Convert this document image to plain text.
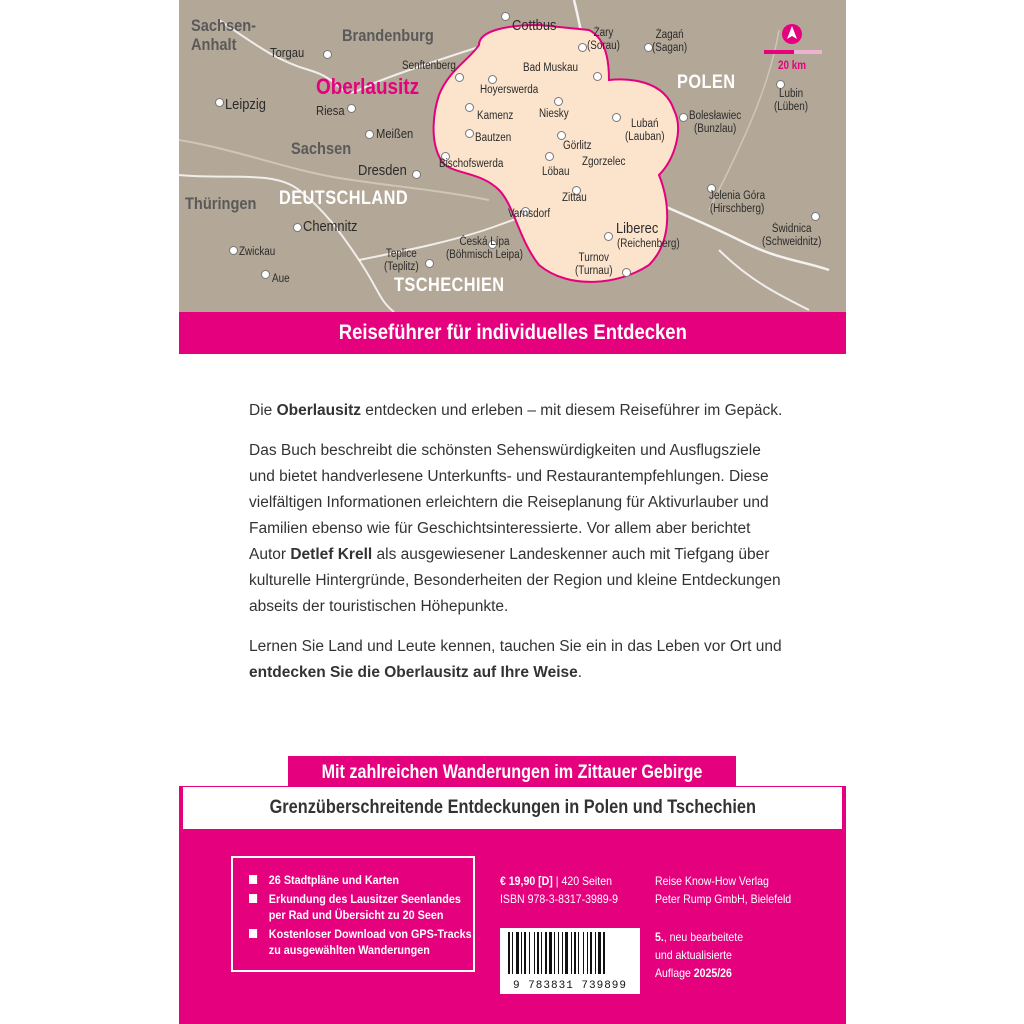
Sachsen-
Anhalt	Brandenburg
Sachsen
Thüringen DEUTSCHLAND
POLEN
TSCHECHIEN
Oberlausitz
Torgau
Cottbus	Żary
(Sorau)
Żagań
(Sagan)
Senftenberg	Bad Muskau
Hoyerswerda
Leipzig	Riesa	Kamenz Niesky
Lubań
(Lauban)
Bolesławiec
(Bunzlau)
Lubin
(Lüben)
Meißen	Bautzen
Görlitz
Zgorzelec
Dresden	Bischofswerda
Löbau
Zittau	Jelenia Góra
(Hirschberg)
Chemnitz
Varnsdorf
Liberec
(Reichenberg)
Świdnica
(Schweidnitz)
Zwickau	Teplice
(Teplitz)
Česká Lípa
(Böhmisch Leipa)	Turnov
(Turnau)
Aue
20 km
Reiseführer für individuelles Entdecken

Die Oberlausitz entdecken und erleben – mit diesem Reiseführer im Gepäck.

Das Buch beschreibt die schönsten Sehenswürdigkeiten und Ausflugsziele und bietet handverlesene Unterkunfts- und Restaurantempfehlungen. Diese vielfältigen Informationen erleichtern die Reiseplanung für Aktivurlauber und Familien ebenso wie für Geschichtsinteressierte. Vor allem aber berichtet Autor Detlef Krell als ausgewiesener Landeskenner auch mit Tiefgang über kulturelle Hintergründe, Besonderheiten der Region und kleine Entdeckungen abseits der touristischen Höhepunkte.

Lernen Sie Land und Leute kennen, tauchen Sie ein in das Leben vor Ort und entdecken Sie die Oberlausitz auf Ihre Weise.

Mit zahlreichen Wanderungen im Zittauer Gebirge
Grenzüberschreitende Entdeckungen in Polen und Tschechien
26 Stadtpläne und Karten
Erkundung des Lausitzer Seenlandes per Rad und Übersicht zu 20 Seen
Kostenloser Download von GPS-Tracks zu ausgewählten Wanderungen
€ 19,90 [D] | 420 Seiten
ISBN 978-3-8317-3989-9
Reise Know-How Verlag
Peter Rump GmbH, Bielefeld
9 783831 739899
5., neu bearbeitete
und aktualisierte
Auflage 2025/26
